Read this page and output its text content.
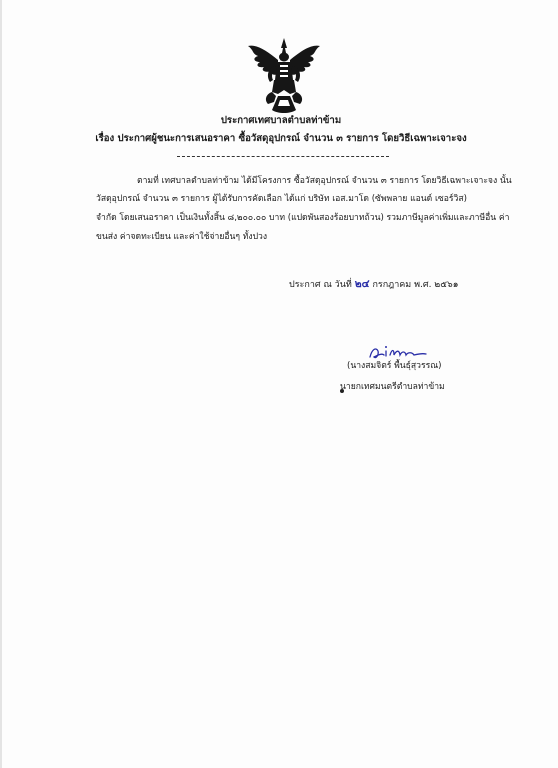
ประกาศเทศบาลตำบลท่าข้าม
เรื่อง ประกาศผู้ชนะการเสนอราคา ซื้อวัสดุอุปกรณ์ จำนวน ๓ รายการ โดยวิธีเฉพาะเจาะจง
ตามที่ เทศบาลตำบลท่าข้าม ได้มีโครงการ ซื้อวัสดุอุปกรณ์ จำนวน ๓ รายการ โดยวิธีเฉพาะเจาะจง นั้น
วัสดุอุปกรณ์ จำนวน ๓ รายการ ผู้ได้รับการคัดเลือก ได้แก่ บริษัท เอส.มาโด (ซัพพลาย แอนด์ เซอร์วิส)
จำกัด โดยเสนอราคา เป็นเงินทั้งสิ้น ๘,๒๐๐.๐๐ บาท (แปดพันสองร้อยบาทถ้วน) รวมภาษีมูลค่าเพิ่มและภาษีอื่น ค่า
ขนส่ง ค่าจดทะเบียน และค่าใช้จ่ายอื่นๆ ทั้งปวง
ประกาศ ณ วันที่ ๒๔ กรกฎาคม พ.ศ. ๒๕๖๑
(นางสมจิตร์ พื้นธุ์สุวรรณ)
นายกเทศมนตรีตำบลท่าข้าม
